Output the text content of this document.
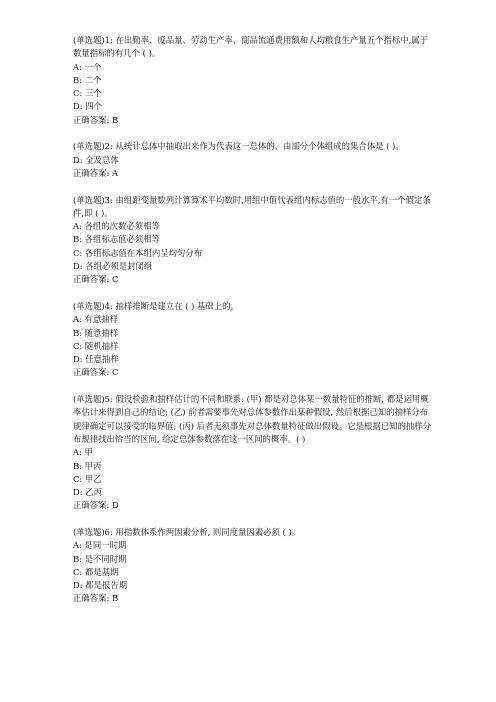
(单选题)1: 在出勤率、废品量、劳动生产率、商品流通费用额和人均粮食生产量五个指标中,属于数量指标的有几个 ( )。
A: 一个
B: 二个
C: 三个
D: 四个
正确答案: B
(单选题)2: 从统计总体中抽取出来作为代表这一总体的、由部分个体组成的集合体是 ( )。
D: 全及总体
正确答案: A
(单选题)3: 由组距变量数列计算算术平均数时,用组中值代表组内标志值的一般水平,有一个假定条件,即 ( )。
A: 各组的次数必须相等
B: 各组标志值必须相等
C: 各组标志值在本组内呈均匀分布
D: 各组必须是封闭组
正确答案: C
(单选题)4: 抽样推断是建立在 ( ) 基础上的。
A: 有意抽样
B: 随意抽样
C: 随机抽样
D: 任意抽样
正确答案: C
(单选题)5: 假设检验和抽样估计的不同和联系: (甲) 都是对总体某一数量特征的推断, 都是运用概率估计来得到自己的结论; (乙) 前者需要事先对总体参数作出某种假设, 然后根据已知的抽样分布规律确定可以接受的临界值; (丙) 后者无须事先对总体数量特征做出假设。它是根据已知的抽样分布规律找出恰当的区间, 给定总体参数落在这一区间的概率。( )
A: 甲
B: 甲丙
C: 甲乙
D: 乙丙
正确答案: D
(单选题)6: 用指数体系作两因素分析, 则同度量因素必须 ( )。
A: 是同一时期
B: 是不同时期
C: 都是基期
D: 都是报告期
正确答案: B
